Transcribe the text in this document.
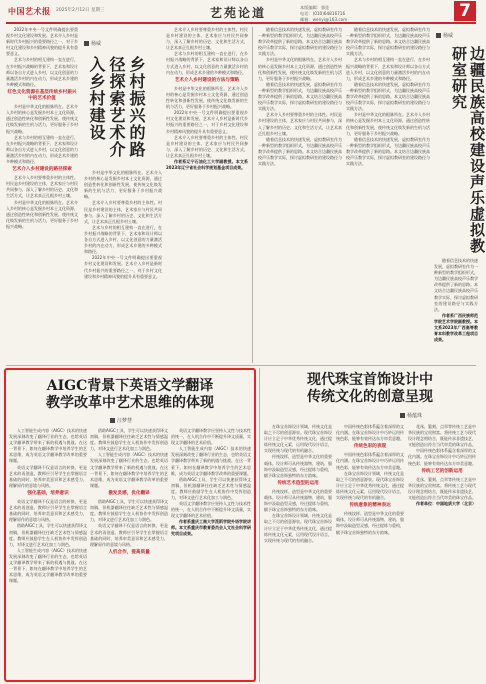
中国艺术报 2025年2月12日 星期三	艺苑论道	本版编辑：郭佳
电话：(010)64816716
邮箱：wenyi@163.com	7

2022年中央一号文件明确提出要重视乡村文化建设和发展。艺术介入乡村是新时代乡村振兴的重要路径之一，对于乡村文化建设和乡村精神风貌的提升具有重要意义。

艺术与乡村的相互建构一直在进行，在乡村振兴战略的背景下，艺术家和设计师以各自方式进入乡村，以文化创意的力量激活乡村的内在动力，形成艺术乡建的多种模式和路径。

红色文化资源在基层传统乡村振兴中的艺术价值

乡村是中华文化的根脉所在。艺术介入乡村的核心是发掘乡村本土文化资源，通过创造性转化和创新性发展，使传统文化焕发新的生机与活力，更好服务于乡村振兴战略。

艺术与乡村的相互建构一直在进行，在乡村振兴战略的背景下，艺术家和设计师以各自方式进入乡村，以文化创意的力量激活乡村的内在动力，形成艺术乡建的多种模式和路径。

艺术介入乡村建设的路径探索

艺术介入乡村要尊重乡村的主体性。村民是乡村建设的主体，艺术家应与村民共同参与，深入了解乡村的历史、文化和生活方式，让艺术真正扎根乡村土壤。

乡村是中华文化的根脉所在。艺术介入乡村的核心是发掘乡村本土文化资源，通过创造性转化和创新性发展，使传统文化焕发新的生机与活力，更好服务于乡村振兴战略。

杨威
乡村振兴的路径探索艺术介入乡村建设

乡村是中华文化的根脉所在。艺术介入乡村的核心是发掘乡村本土文化资源，通过创造性转化和创新性发展，使传统文化焕发新的生机与活力，更好服务于乡村振兴战略。

艺术介入乡村要尊重乡村的主体性。村民是乡村建设的主体，艺术家应与村民共同参与，深入了解乡村的历史、文化和生活方式，让艺术真正扎根乡村土壤。

艺术与乡村的相互建构一直在进行，在乡村振兴战略的背景下，艺术家和设计师以各自方式进入乡村，以文化创意的力量激活乡村的内在动力，形成艺术乡建的多种模式和路径。

2022年中央一号文件明确提出要重视乡村文化建设和发展。艺术介入乡村是新时代乡村振兴的重要路径之一，对于乡村文化建设和乡村精神风貌的提升具有重要意义。

艺术介入乡村要尊重乡村的主体性。村民是乡村建设的主体，艺术家应与村民共同参与，深入了解乡村的历史、文化和生活方式，让艺术真正扎根乡村土壤。

艺术与乡村的相互建构一直在进行，在乡村振兴战略的背景下，艺术家和设计师以各自方式进入乡村，以文化创意的力量激活乡村的内在动力，形成艺术乡建的多种模式和路径。

艺术介入乡村建设的方法与策略

乡村是中华文化的根脉所在。艺术介入乡村的核心是发掘乡村本土文化资源，通过创造性转化和创新性发展，使传统文化焕发新的生机与活力，更好服务于乡村振兴战略。

2022年中央一号文件明确提出要重视乡村文化建设和发展。艺术介入乡村是新时代乡村振兴的重要路径之一，对于乡村文化建设和乡村精神风貌的提升具有重要意义。

艺术介入乡村要尊重乡村的主体性。村民是乡村建设的主体，艺术家应与村民共同参与，深入了解乡村的历史、文化和生活方式，让艺术真正扎根乡村土壤。

作者系辽宁石油化工大学副教授。本文系2023年辽宁省社会科学规划基金项目成果。

随着信息技术的快速发展，虚拟教研室作为一种新型的教学组织形式，为边疆民族高校声乐教学改革提供了新的思路。本文结合边疆民族高校声乐教学实际，探讨虚拟教研室的建设路径与实践方法。

乡村是中华文化的根脉所在。艺术介入乡村的核心是发掘乡村本土文化资源，通过创造性转化和创新性发展，使传统文化焕发新的生机与活力，更好服务于乡村振兴战略。

随着信息技术的快速发展，虚拟教研室作为一种新型的教学组织形式，为边疆民族高校声乐教学改革提供了新的思路。本文结合边疆民族高校声乐教学实际，探讨虚拟教研室的建设路径与实践方法。

艺术介入乡村要尊重乡村的主体性。村民是乡村建设的主体，艺术家应与村民共同参与，深入了解乡村的历史、文化和生活方式，让艺术真正扎根乡村土壤。

随着信息技术的快速发展，虚拟教研室作为一种新型的教学组织形式，为边疆民族高校声乐教学改革提供了新的思路。本文结合边疆民族高校声乐教学实际，探讨虚拟教研室的建设路径与实践方法。

随着信息技术的快速发展，虚拟教研室作为一种新型的教学组织形式，为边疆民族高校声乐教学改革提供了新的思路。本文结合边疆民族高校声乐教学实际，探讨虚拟教研室的建设路径与实践方法。

艺术与乡村的相互建构一直在进行，在乡村振兴战略的背景下，艺术家和设计师以各自方式进入乡村，以文化创意的力量激活乡村的内在动力，形成艺术乡建的多种模式和路径。

随着信息技术的快速发展，虚拟教研室作为一种新型的教学组织形式，为边疆民族高校声乐教学改革提供了新的思路。本文结合边疆民族高校声乐教学实际，探讨虚拟教研室的建设路径与实践方法。

乡村是中华文化的根脉所在。艺术介入乡村的核心是发掘乡村本土文化资源，通过创造性转化和创新性发展，使传统文化焕发新的生机与活力，更好服务于乡村振兴战略。

随着信息技术的快速发展，虚拟教研室作为一种新型的教学组织形式，为边疆民族高校声乐教学改革提供了新的思路。本文结合边疆民族高校声乐教学实际，探讨虚拟教研室的建设路径与实践方法。

杨威
边疆民族高校建设声乐虚拟教研室研究

随着信息技术的快速发展，虚拟教研室作为一种新型的教学组织形式，为边疆民族高校声乐教学改革提供了新的思路。本文结合边疆民族高校声乐教学实际，探讨虚拟教研室的建设路径与实践方法。

作者系广西民族师范学院艺术学院副教授。本文系2023年广西高等教育本科教学改革工程项目成果。

AIGC背景下英语文学翻译
教学改革中艺术思维的体现
汪梦慧

人工智能生成内容（AIGC）技术的快速发展深刻改变了翻译行业的生态，也给英语文学翻译教学带来了新的机遇与挑战。在这一背景下，如何在翻译教学中培养学生的艺术思维，成为英语文学翻译教学改革的重要课题。

英语文学翻译不仅是语言的转换，更是艺术的再创造。教师应引导学生在掌握语言基础的同时，培养审美意识和艺术感受力，理解原作的意境与风格。

强化基础，培养意识

英语文学翻译不仅是语言的转换，更是艺术的再创造。教师应引导学生在掌握语言基础的同时，培养审美意识和艺术感受力，理解原作的意境与风格。

借助AIGC工具，学生可以快速获得译文初稿，但机器翻译往往缺乏艺术性与情感温度。教师应鼓励学生在人机协作中发挥创造力，对译文进行艺术化加工与润色。

人工智能生成内容（AIGC）技术的快速发展深刻改变了翻译行业的生态，也给英语文学翻译教学带来了新的机遇与挑战。在这一背景下，如何在翻译教学中培养学生的艺术思维，成为英语文学翻译教学改革的重要课题。

借助AIGC工具，学生可以快速获得译文初稿，但机器翻译往往缺乏艺术性与情感温度。教师应鼓励学生在人机协作中发挥创造力，对译文进行艺术化加工与润色。

人工智能生成内容（AIGC）技术的快速发展深刻改变了翻译行业的生态，也给英语文学翻译教学带来了新的机遇与挑战。在这一背景下，如何在翻译教学中培养学生的艺术思维，成为英语文学翻译教学改革的重要课题。

激发灵感，优化翻译

借助AIGC工具，学生可以快速获得译文初稿，但机器翻译往往缺乏艺术性与情感温度。教师应鼓励学生在人机协作中发挥创造力，对译文进行艺术化加工与润色。

英语文学翻译不仅是语言的转换，更是艺术的再创造。教师应引导学生在掌握语言基础的同时，培养审美意识和艺术感受力，理解原作的意境与风格。

人机合作，提高质量

英语文学翻译教学应坚持人文性与技术性的统一，在人机合作中不断提升译文质量，实现文学翻译的艺术价值。

人工智能生成内容（AIGC）技术的快速发展深刻改变了翻译行业的生态，也给英语文学翻译教学带来了新的机遇与挑战。在这一背景下，如何在翻译教学中培养学生的艺术思维，成为英语文学翻译教学改革的重要课题。

借助AIGC工具，学生可以快速获得译文初稿，但机器翻译往往缺乏艺术性与情感温度。教师应鼓励学生在人机协作中发挥创造力，对译文进行艺术化加工与润色。

英语文学翻译教学应坚持人文性与技术性的统一，在人机合作中不断提升译文质量，实现文学翻译的艺术价值。

作者系重庆工商大学派斯学院外语学院讲师。本文系重庆市教育委员会人文社会科学研究项目成果。

现代珠宝首饰设计中
传统文化的创意呈现
杨蕴珠

在珠宝首饰设计领域，传统文化是取之不尽的创意源泉。现代珠宝首饰设计应立足于中华优秀传统文化，通过提炼传统文化元素，运用现代设计语言，实现传统与现代的有机融合。

传统纹样、造型是中华文化的重要载体。设计师可从传统器物、建筑、服饰中汲取造型灵感，经过提炼与重构，赋予珠宝首饰独特的东方韵味。

传统艺术造型的运用

传统纹样、造型是中华文化的重要载体。设计师可从传统器物、建筑、服饰中汲取造型灵感，经过提炼与重构，赋予珠宝首饰独特的东方韵味。

在珠宝首饰设计领域，传统文化是取之不尽的创意源泉。现代珠宝首饰设计应立足于中华优秀传统文化，通过提炼传统文化元素，运用现代设计语言，实现传统与现代的有机融合。

中国传统色彩体系蕴含着深厚的文化内涵。在珠宝首饰设计中巧妙运用传统色彩，能够有效传达东方审美意趣。

传统色彩的表现

中国传统色彩体系蕴含着深厚的文化内涵。在珠宝首饰设计中巧妙运用传统色彩，能够有效传达东方审美意趣。

在珠宝首饰设计领域，传统文化是取之不尽的创意源泉。现代珠宝首饰设计应立足于中华优秀传统文化，通过提炼传统文化元素，运用现代设计语言，实现传统与现代的有机融合。

传统意象的精神表达

传统纹样、造型是中华文化的重要载体。设计师可从传统器物、建筑、服饰中汲取造型灵感，经过提炼与重构，赋予珠宝首饰独特的东方韵味。

花丝、錾刻、点翠等传统工艺是中华民族的宝贵财富。将传统工艺与现代设计理念相结合，既能传承非遗技艺，又能创造出符合当代审美的珠宝作品。

中国传统色彩体系蕴含着深厚的文化内涵。在珠宝首饰设计中巧妙运用传统色彩，能够有效传达东方审美意趣。

传统工艺的创新运用

花丝、錾刻、点翠等传统工艺是中华民族的宝贵财富。将传统工艺与现代设计理念相结合，既能传承非遗技艺，又能创造出符合当代审美的珠宝作品。

作者单位：中国地质大学（北京）
